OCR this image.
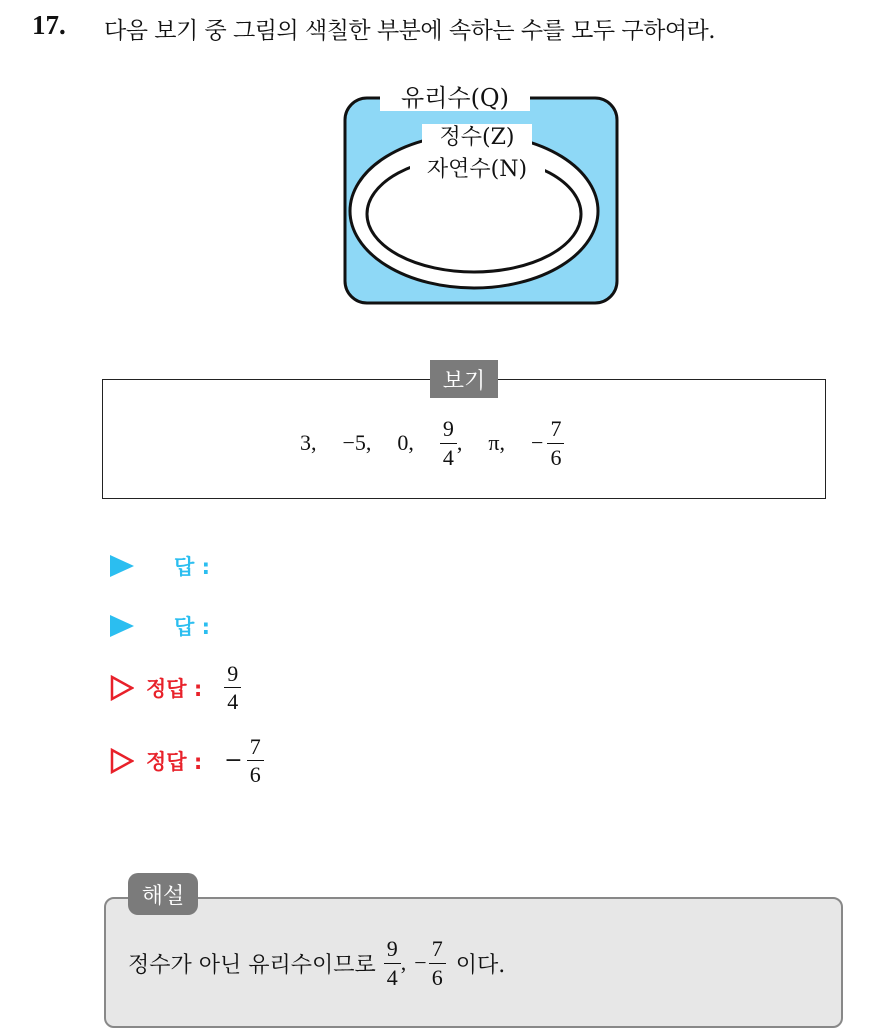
17. 다음 보기 중 그림의 색칠한 부분에 속하는 수를 모두 구하여라.
유리수(Q)
정수(Z)
자연수(N)
보기
3, −5, 0, $\frac{9}{4}$ , π, − $\frac{7}{6}$
답 :
답 :
정답 : $\frac{9}{4}$
정답 : − $\frac{7}{6}$
해설
정수가 아닌 유리수이므로 $\frac{9}{4}$ , − $\frac{7}{6}$ 이다.
